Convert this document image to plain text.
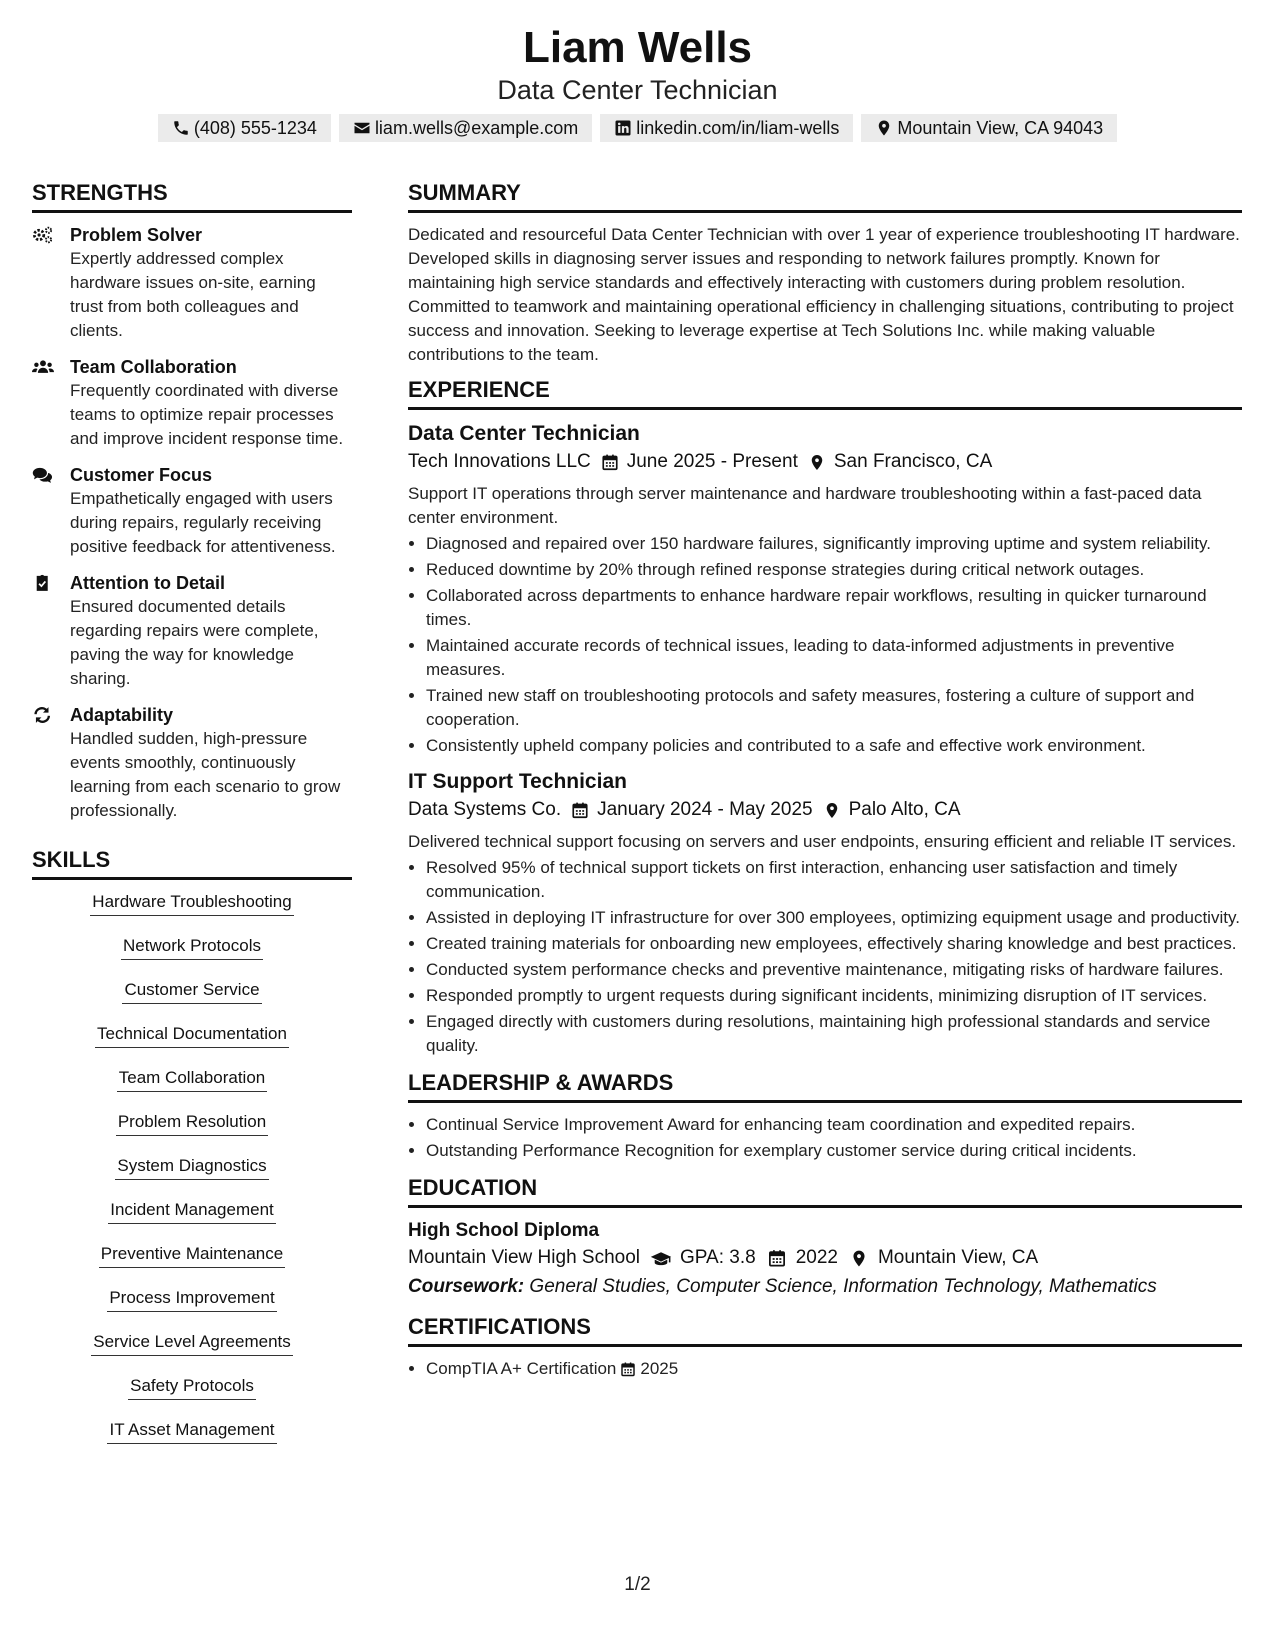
Liam Wells
Data Center Technician
(408) 555-1234	liam.wells@example.com	linkedin.com/in/liam-wells	Mountain View, CA 94043
STRENGTHS
Problem Solver
Expertly addressed complex hardware issues on-site, earning trust from both colleagues and clients.
Team Collaboration
Frequently coordinated with diverse teams to optimize repair processes and improve incident response time.
Customer Focus
Empathetically engaged with users during repairs, regularly receiving positive feedback for attentiveness.
Attention to Detail
Ensured documented details regarding repairs were complete, paving the way for knowledge sharing.
Adaptability
Handled sudden, high-pressure events smoothly, continuously learning from each scenario to grow professionally.
SKILLS
Hardware Troubleshooting
Network Protocols
Customer Service
Technical Documentation
Team Collaboration
Problem Resolution
System Diagnostics
Incident Management
Preventive Maintenance
Process Improvement
Service Level Agreements
Safety Protocols
IT Asset Management
SUMMARY

Dedicated and resourceful Data Center Technician with over 1 year of experience troubleshooting IT hardware. Developed skills in diagnosing server issues and responding to network failures promptly. Known for maintaining high service standards and effectively interacting with customers during problem resolution. Committed to teamwork and maintaining operational efficiency in challenging situations, contributing to project success and innovation. Seeking to leverage expertise at Tech Solutions Inc. while making valuable contributions to the team.

EXPERIENCE
Data Center Technician
Tech Innovations LLC June 2025 - Present San Francisco, CA

Support IT operations through server maintenance and hardware troubleshooting within a fast-paced data center environment.

• Diagnosed and repaired over 150 hardware failures, significantly improving uptime and system reliability.
• Reduced downtime by 20% through refined response strategies during critical network outages.
• Collaborated across departments to enhance hardware repair workflows, resulting in quicker turnaround times.
• Maintained accurate records of technical issues, leading to data-informed adjustments in preventive measures.
• Trained new staff on troubleshooting protocols and safety measures, fostering a culture of support and cooperation.
• Consistently upheld company policies and contributed to a safe and effective work environment.
IT Support Technician
Data Systems Co. January 2024 - May 2025 Palo Alto, CA

Delivered technical support focusing on servers and user endpoints, ensuring efficient and reliable IT services.

• Resolved 95% of technical support tickets on first interaction, enhancing user satisfaction and timely communication.
• Assisted in deploying IT infrastructure for over 300 employees, optimizing equipment usage and productivity.
• Created training materials for onboarding new employees, effectively sharing knowledge and best practices.
• Conducted system performance checks and preventive maintenance, mitigating risks of hardware failures.
• Responded promptly to urgent requests during significant incidents, minimizing disruption of IT services.
• Engaged directly with customers during resolutions, maintaining high professional standards and service quality.
LEADERSHIP & AWARDS
• Continual Service Improvement Award for enhancing team coordination and expedited repairs.
• Outstanding Performance Recognition for exemplary customer service during critical incidents.
EDUCATION
High School Diploma
Mountain View High School GPA: 3.8 2022 Mountain View, CA
Coursework: General Studies, Computer Science, Information Technology, Mathematics
CERTIFICATIONS
• CompTIA A+ Certification 2025
1/2
